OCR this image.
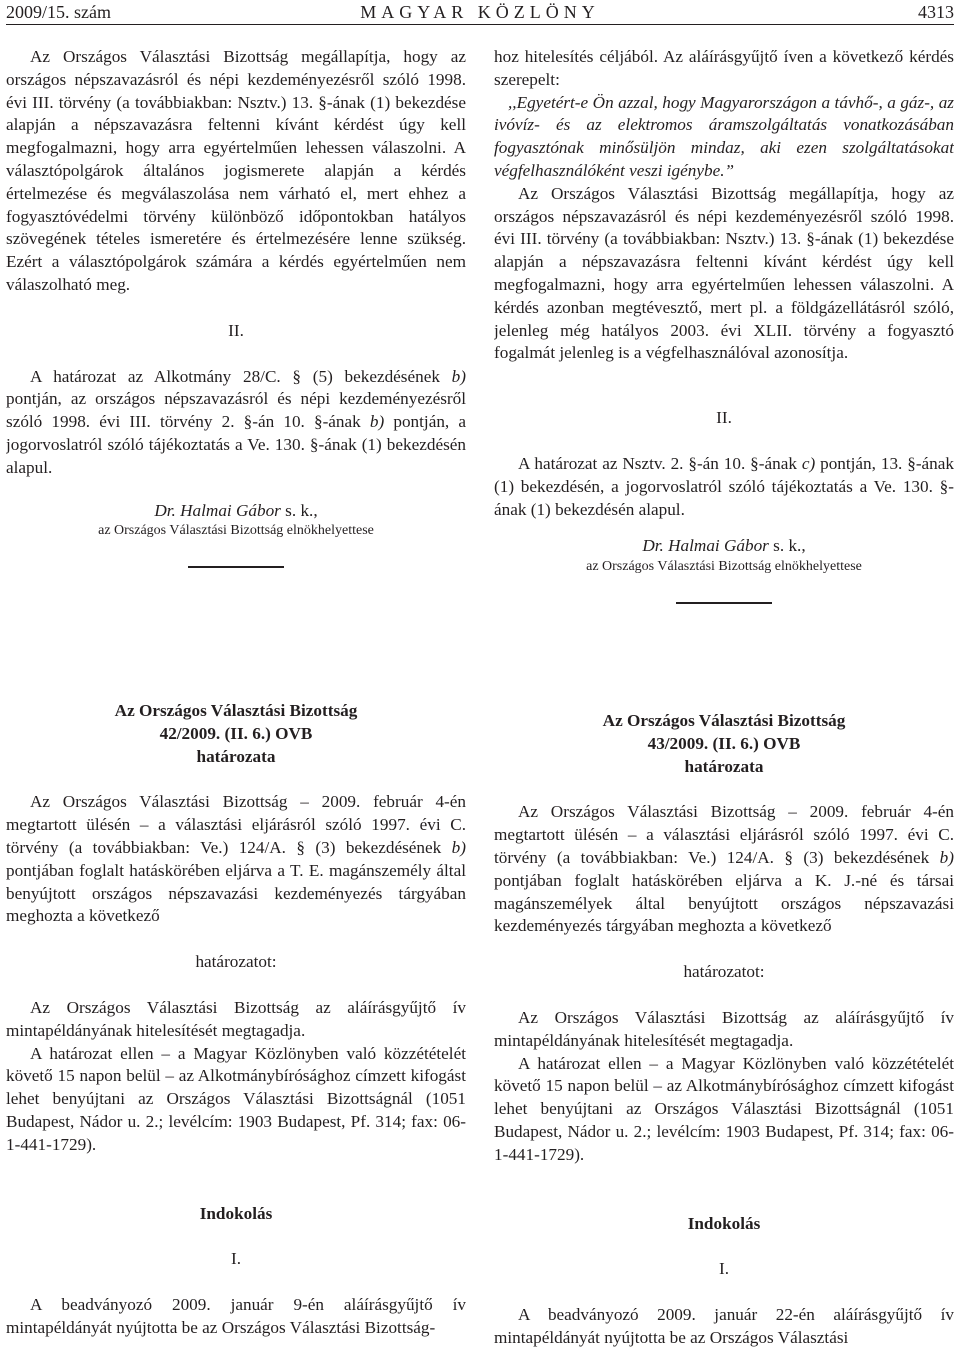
2009/15. szám	MAGYAR KÖZLÖNY	4313

Az Országos Választási Bizottság megállapítja, hogy az országos népszavazásról és népi kezdeményezésről szóló 1998. évi III. törvény (a továbbiakban: Nsztv.) 13. §-ának (1) bekezdése alapján a népszavazásra feltenni kívánt kérdést úgy kell megfogalmazni, hogy arra egyértelműen lehessen válaszolni. A választópolgárok általános jogismerete alapján a kérdés értelmezése és megválaszolása nem várható el, mert ehhez a fogyasztóvédelmi törvény különböző időpontokban hatályos szövegének tételes ismeretére és értelmezésére lenne szükség. Ezért a választópolgárok számára a kérdés egyértelműen nem válaszolható meg.

II.

A határozat az Alkotmány 28/C. § (5) bekezdésének b) pontján, az országos népszavazásról és népi kezdeményezésről szóló 1998. évi III. törvény 2. §-án 10. §-ának b) pontján, a jogorvoslatról szóló tájékoztatás a Ve. 130. §-ának (1) bekezdésén alapul.

Dr. Halmai Gábor s. k.,

az Országos Választási Bizottság elnökhelyettese

hoz hitelesítés céljából. Az aláírásgyűjtő íven a következő kérdés szerepelt:

,,Egyetért-e Ön azzal, hogy Magyarországon a távhő-, a gáz-, az ivóvíz- és az elektromos áramszolgáltatás vonatkozásában fogyasztónak minősüljön mindaz, aki ezen szolgáltatásokat végfelhasználóként veszi igénybe.”

Az Országos Választási Bizottság megállapítja, hogy az országos népszavazásról és népi kezdeményezésről szóló 1998. évi III. törvény (a továbbiakban: Nsztv.) 13. §-ának (1) bekezdése alapján a népszavazásra feltenni kívánt kérdést úgy kell megfogalmazni, hogy arra egyértelműen lehessen válaszolni. A kérdés azonban megtévesztő, mert pl. a földgázellátásról szóló, jelenleg még hatályos 2003. évi XLII. törvény a fogyasztó fogalmát jelenleg is a végfelhasználóval azonosítja.

II.

A határozat az Nsztv. 2. §-án 10. §-ának c) pontján, 13. §-ának (1) bekezdésén, a jogorvoslatról szóló tájékoztatás a Ve. 130. §-ának (1) bekezdésén alapul.

Dr. Halmai Gábor s. k.,

az Országos Választási Bizottság elnökhelyettese

Az Országos Választási Bizottság

42/2009. (II. 6.) OVB

határozata

Az Országos Választási Bizottság – 2009. február 4-én megtartott ülésén – a választási eljárásról szóló 1997. évi C. törvény (a továbbiakban: Ve.) 124/A. § (3) bekezdésének b) pontjában foglalt hatáskörében eljárva a T. E. magánszemély által benyújtott országos népszavazási kezdeményezés tárgyában meghozta a következő

határozatot:

Az Országos Választási Bizottság az aláírásgyűjtő ív mintapéldányának hitelesítését megtagadja.

A határozat ellen – a Magyar Közlönyben való közzétételét követő 15 napon belül – az Alkotmánybírósághoz címzett kifogást lehet benyújtani az Országos Választási Bizottságnál (1051 Budapest, Nádor u. 2.; levélcím: 1903 Budapest, Pf. 314; fax: 06-1-441-1729).

Indokolás

I.

A beadványozó 2009. január 9-én aláírásgyűjtő ív mintapéldányát nyújtotta be az Országos Választási Bizottság-

Az Országos Választási Bizottság

43/2009. (II. 6.) OVB

határozata

Az Országos Választási Bizottság – 2009. február 4-én megtartott ülésén – a választási eljárásról szóló 1997. évi C. törvény (a továbbiakban: Ve.) 124/A. § (3) bekezdésének b) pontjában foglalt hatáskörében eljárva a K. J.-né és társai magánszemélyek által benyújtott országos népszavazási kezdeményezés tárgyában meghozta a következő

határozatot:

Az Országos Választási Bizottság az aláírásgyűjtő ív mintapéldányának hitelesítését megtagadja.

A határozat ellen – a Magyar Közlönyben való közzétételét követő 15 napon belül – az Alkotmánybírósághoz címzett kifogást lehet benyújtani az Országos Választási Bizottságnál (1051 Budapest, Nádor u. 2.; levélcím: 1903 Budapest, Pf. 314; fax: 06-1-441-1729).

Indokolás

I.

A beadványozó 2009. január 22-én aláírásgyűjtő ív mintapéldányát nyújtotta be az Országos Választási
